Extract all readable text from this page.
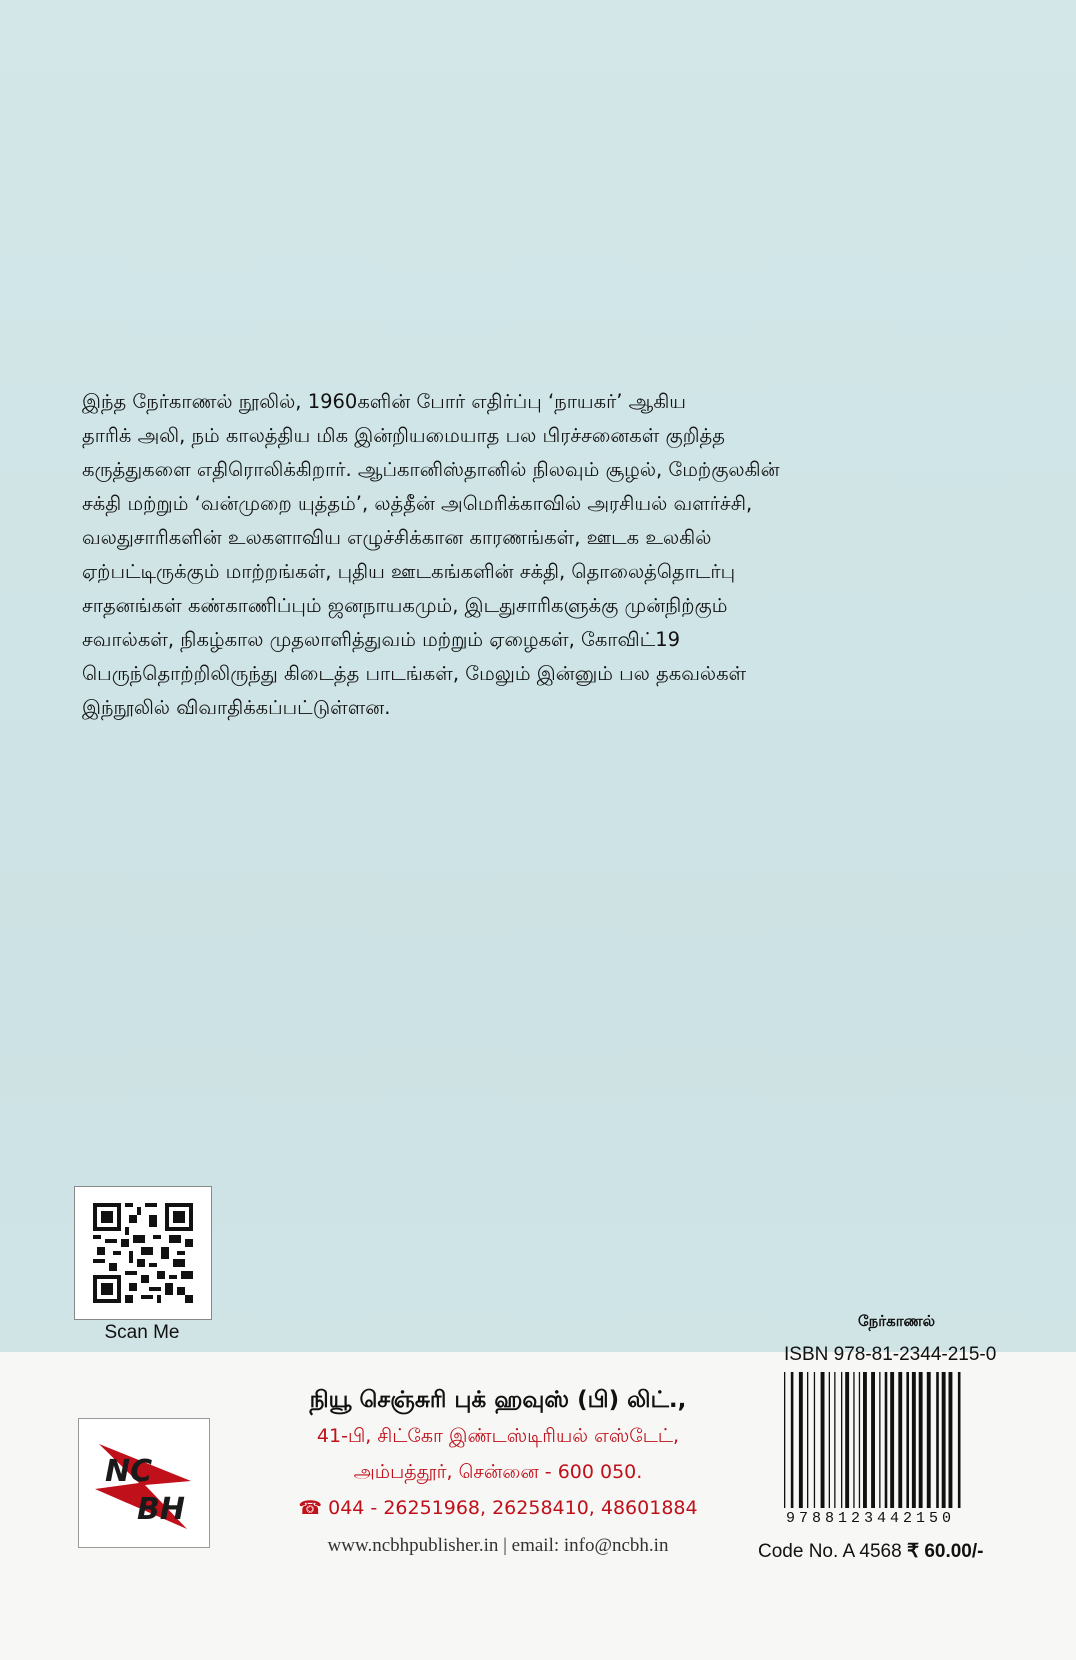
இந்த நேர்காணல் நூலில், 1960களின் போர் எதிர்ப்பு ‘நாயகர்’ ஆகிய
தாரிக் அலி, நம் காலத்திய மிக இன்றியமையாத பல பிரச்சனைகள் குறித்த
கருத்துகளை எதிரொலிக்கிறார். ஆப்கானிஸ்தானில் நிலவும் சூழல், மேற்குலகின்
சக்தி மற்றும் ‘வன்முறை யுத்தம்’, லத்தீன் அமெரிக்காவில் அரசியல் வளர்ச்சி,
வலதுசாரிகளின் உலகளாவிய எழுச்சிக்கான காரணங்கள், ஊடக உலகில்
ஏற்பட்டிருக்கும் மாற்றங்கள், புதிய ஊடகங்களின் சக்தி, தொலைத்தொடர்பு
சாதனங்கள் கண்காணிப்பும் ஜனநாயகமும், இடதுசாரிகளுக்கு முன்நிற்கும்
சவால்கள், நிகழ்கால முதலாளித்துவம் மற்றும் ஏழைகள், கோவிட்19
பெருந்தொற்றிலிருந்து கிடைத்த பாடங்கள், மேலும் இன்னும் பல தகவல்கள்
இந்நூலில் விவாதிக்கப்பட்டுள்ளன.
Scan Me
நேர்காணல்
NC
BH
நியூ செஞ்சுரி புக் ஹவுஸ் (பி) லிட்.,
41-பி, சிட்கோ இண்டஸ்டிரியல் எஸ்டேட்,
அம்பத்தூர், சென்னை - 600 050.
☎ 044 - 26251968, 26258410, 48601884
www.ncbhpublisher.in | email: info@ncbh.in
ISBN 978-81-2344-215-0
9788123442150
Code No. A 4568 ₹ 60.00/-
